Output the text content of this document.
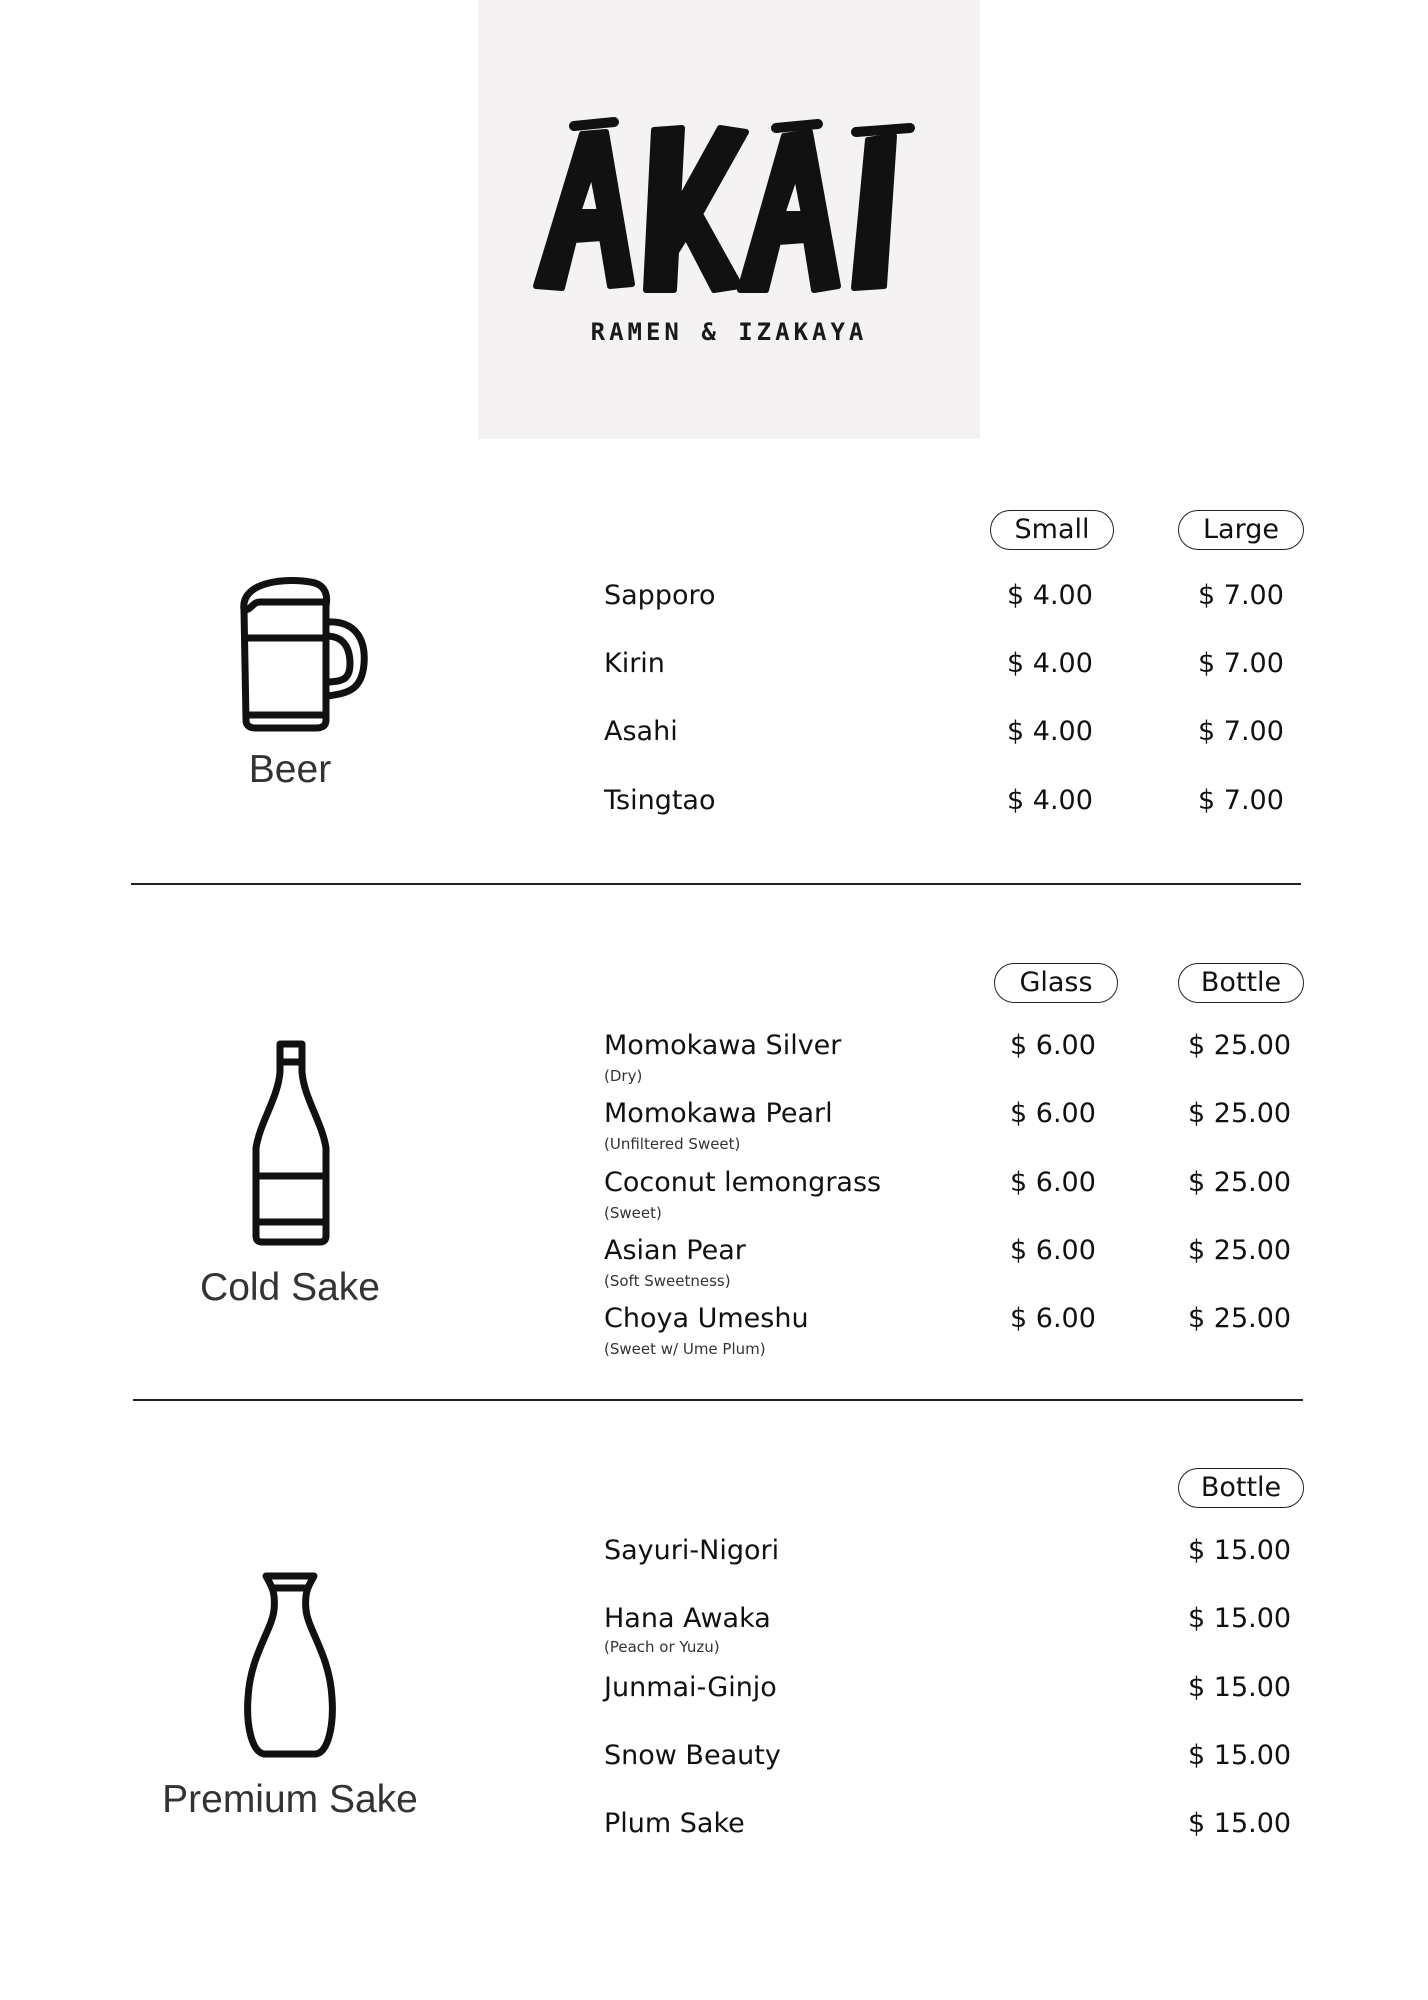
RAMEN & IZAKAYA
Beer
Small	Large
Sapporo	$ 4.00	$ 7.00
Kirin	$ 4.00	$ 7.00
Asahi	$ 4.00	$ 7.00
Tsingtao	$ 4.00	$ 7.00
Cold Sake
Glass	Bottle
Momokawa Silver
(Dry)
$ 6.00	$ 25.00
Momokawa Pearl
(Unfiltered Sweet)
$ 6.00	$ 25.00
Coconut lemongrass
(Sweet)
$ 6.00	$ 25.00
Asian Pear
(Soft Sweetness)
$ 6.00	$ 25.00
Choya Umeshu
(Sweet w/ Ume Plum)
$ 6.00	$ 25.00
Premium Sake
Bottle
Sayuri-Nigori	$ 15.00
Hana Awaka
(Peach or Yuzu)
$ 15.00
Junmai-Ginjo	$ 15.00
Snow Beauty	$ 15.00
Plum Sake	$ 15.00
